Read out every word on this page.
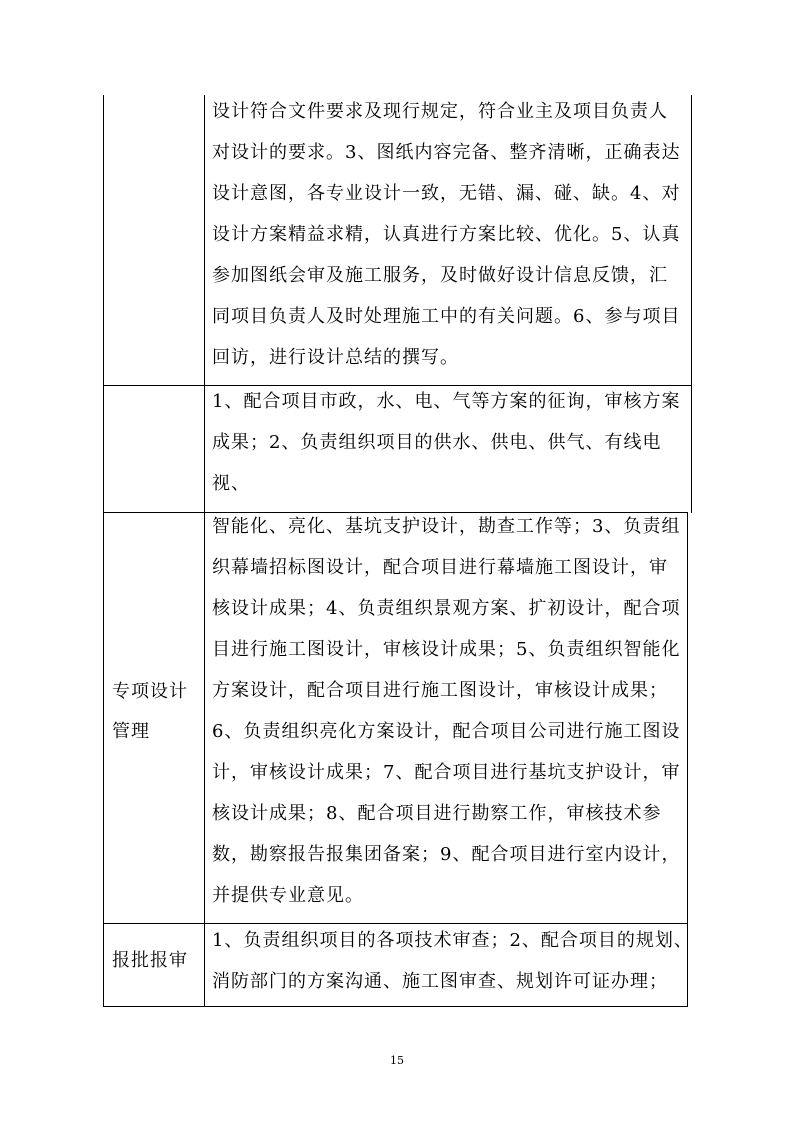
设计符合文件要求及现行规定，符合业主及项目负责人
对设计的要求。3、图纸内容完备、整齐清晰，正确表达
设计意图，各专业设计一致，无错、漏、碰、缺。4、对
设计方案精益求精，认真进行方案比较、优化。5、认真
参加图纸会审及施工服务，及时做好设计信息反馈，汇
同项目负责人及时处理施工中的有关问题。6、参与项目
回访，进行设计总结的撰写。
1、配合项目市政，水、电、气等方案的征询，审核方案
成果；2、负责组织项目的供水、供电、供气、有线电
视、
智能化、亮化、基坑支护设计，勘查工作等；3、负责组
织幕墙招标图设计，配合项目进行幕墙施工图设计，审
核设计成果；4、负责组织景观方案、扩初设计，配合项
目进行施工图设计，审核设计成果；5、负责组织智能化
方案设计，配合项目进行施工图设计，审核设计成果；
6、负责组织亮化方案设计，配合项目公司进行施工图设
计，审核设计成果；7、配合项目进行基坑支护设计，审
核设计成果；8、配合项目进行勘察工作，审核技术参
数，勘察报告报集团备案；9、配合项目进行室内设计，
并提供专业意见。
专项设计
管理
1、负责组织项目的各项技术审查；2、配合项目的规划、
消防部门的方案沟通、施工图审查、规划许可证办理；
报批报审
15
